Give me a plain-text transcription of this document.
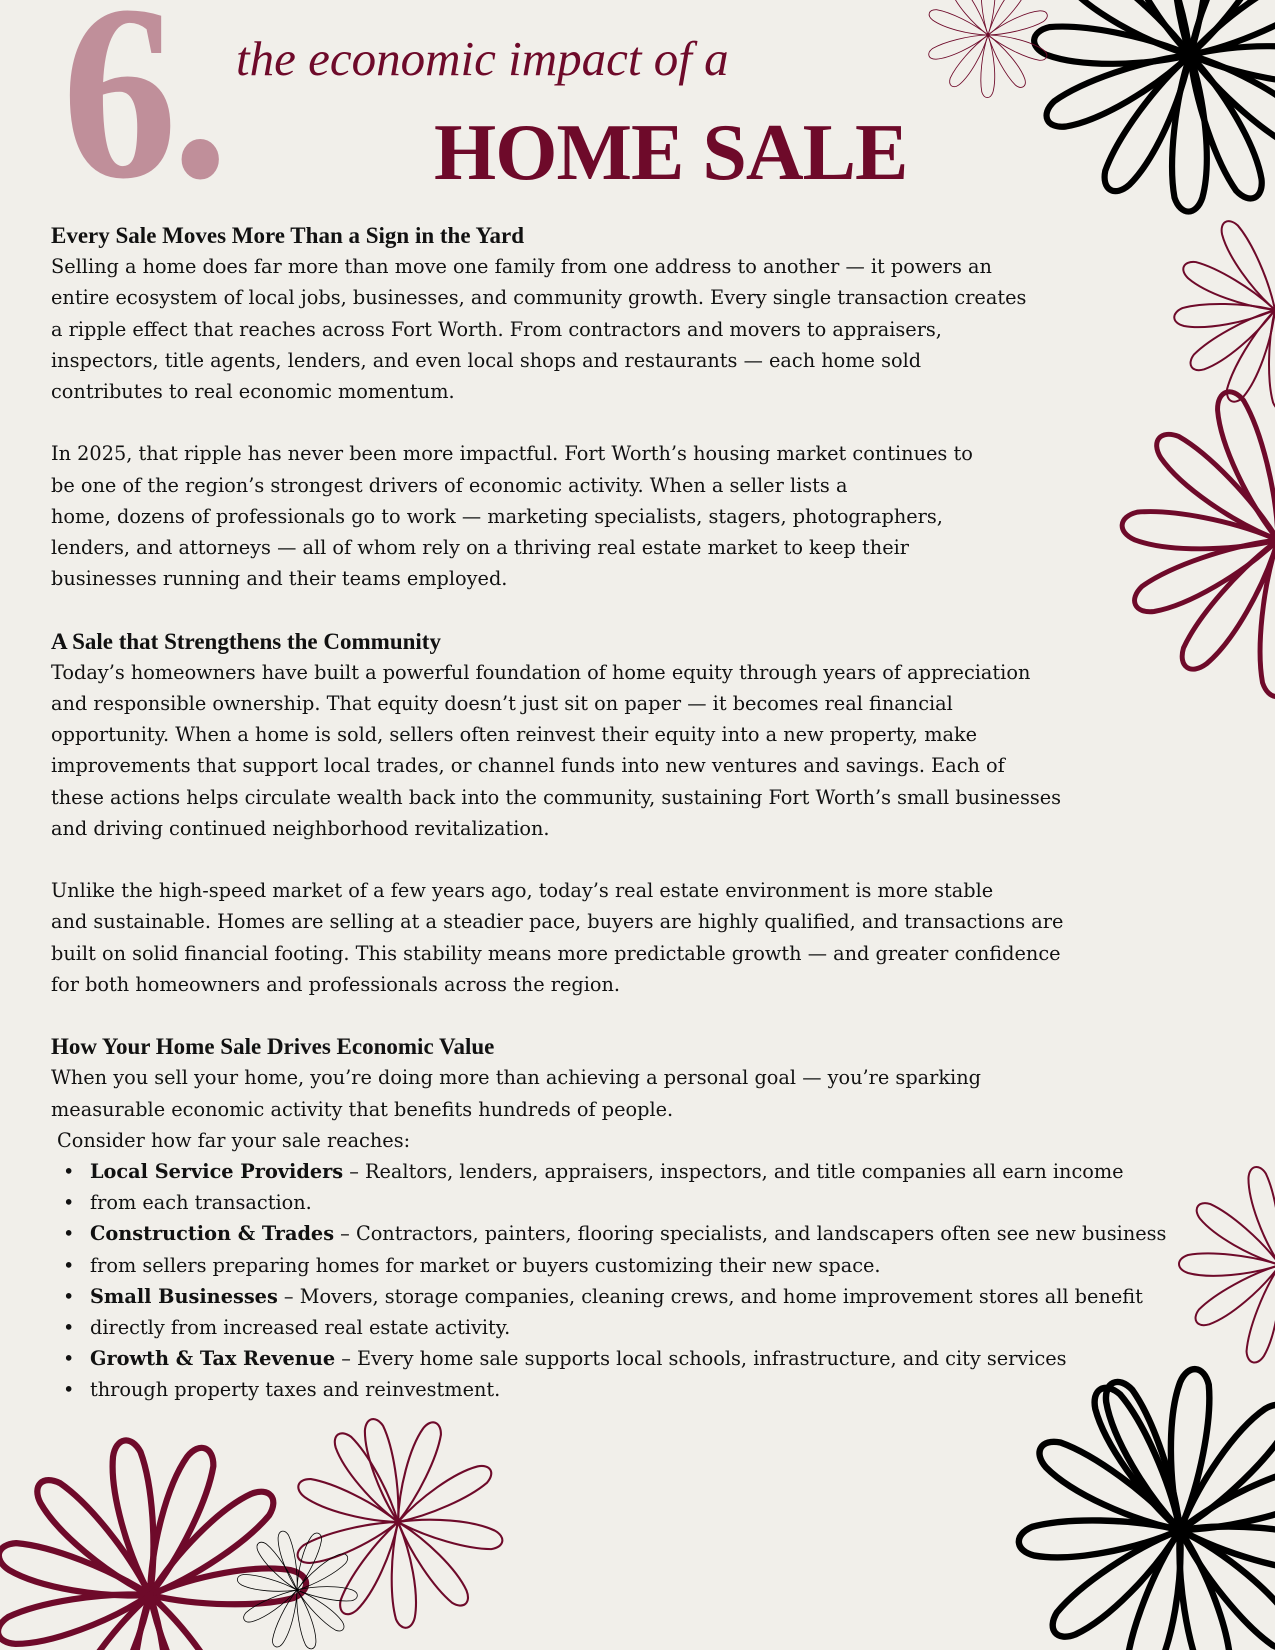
6. the economic impact of a
HOME SALE
Every Sale Moves More Than a Sign in the Yard

Selling a home does far more than move one family from one address to another — it powers an
entire ecosystem of local jobs, businesses, and community growth. Every single transaction creates
a ripple effect that reaches across Fort Worth. From contractors and movers to appraisers,
inspectors, title agents, lenders, and even local shops and restaurants — each home sold
contributes to real economic momentum.

In 2025, that ripple has never been more impactful. Fort Worth’s housing market continues to
be one of the region’s strongest drivers of economic activity. When a seller lists a
home, dozens of professionals go to work — marketing specialists, stagers, photographers,
lenders, and attorneys — all of whom rely on a thriving real estate market to keep their
businesses running and their teams employed.

A Sale that Strengthens the Community

Today’s homeowners have built a powerful foundation of home equity through years of appreciation
and responsible ownership. That equity doesn’t just sit on paper — it becomes real financial
opportunity. When a home is sold, sellers often reinvest their equity into a new property, make
improvements that support local trades, or channel funds into new ventures and savings. Each of
these actions helps circulate wealth back into the community, sustaining Fort Worth’s small businesses
and driving continued neighborhood revitalization.

Unlike the high-speed market of a few years ago, today’s real estate environment is more stable
and sustainable. Homes are selling at a steadier pace, buyers are highly qualified, and transactions are
built on solid financial footing. This stability means more predictable growth — and greater confidence
for both homeowners and professionals across the region.

How Your Home Sale Drives Economic Value

When you sell your home, you’re doing more than achieving a personal goal — you’re sparking
measurable economic activity that benefits hundreds of people.

Consider how far your sale reaches:

• Local Service Providers – Realtors, lenders, appraisers, inspectors, and title companies all earn income
• from each transaction.
• Construction & Trades – Contractors, painters, flooring specialists, and landscapers often see new business
• from sellers preparing homes for market or buyers customizing their new space.
• Small Businesses – Movers, storage companies, cleaning crews, and home improvement stores all benefit
• directly from increased real estate activity.
• Growth & Tax Revenue – Every home sale supports local schools, infrastructure, and city services
• through property taxes and reinvestment.
